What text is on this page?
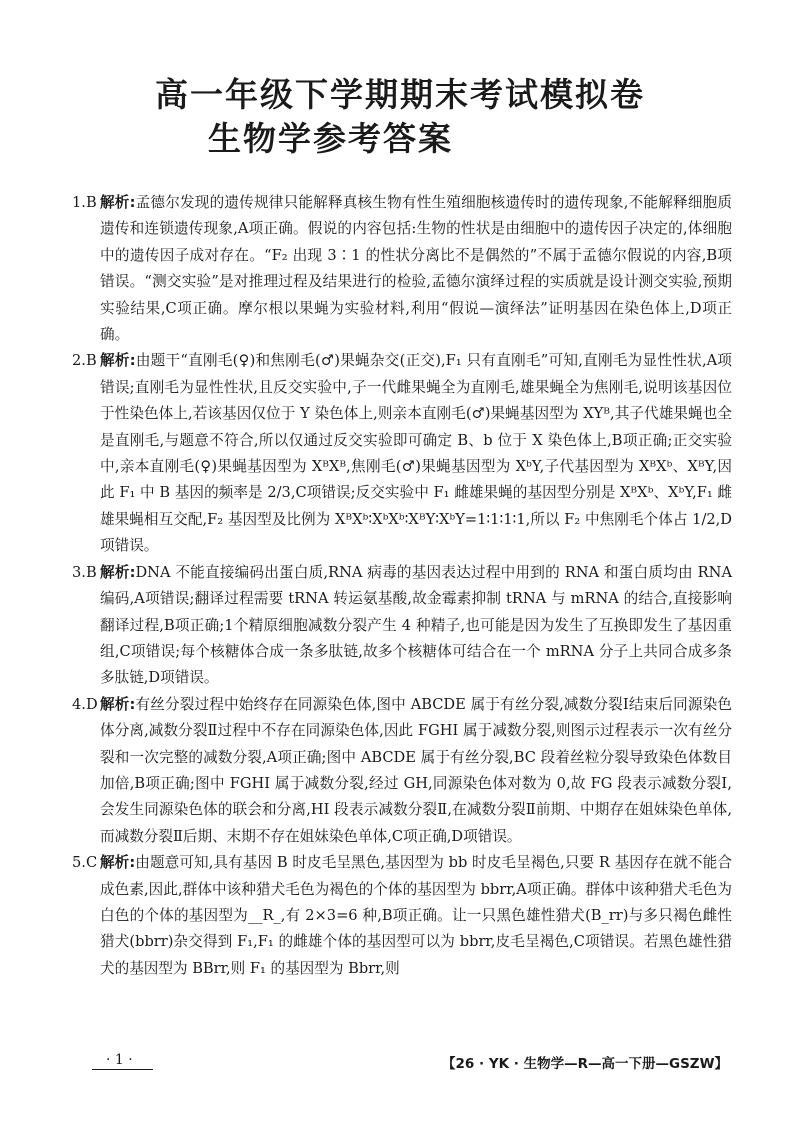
高一年级下学期期末考试模拟卷
生物学参考答案
1.B 解析:孟德尔发现的遗传规律只能解释真核生物有性生殖细胞核遗传时的遗传现象,不能解释细胞质遗传和连锁遗传现象,A项正确。假说的内容包括:生物的性状是由细胞中的遗传因子决定的,体细胞中的遗传因子成对存在。“F₂ 出现 3∶1 的性状分离比不是偶然的”不属于孟德尔假说的内容,B项错误。“测交实验”是对推理过程及结果进行的检验,孟德尔演绎过程的实质就是设计测交实验,预期实验结果,C项正确。摩尔根以果蝇为实验材料,利用“假说—演绎法”证明基因在染色体上,D项正确。
2.B 解析:由题干“直刚毛(♀)和焦刚毛(♂)果蝇杂交(正交),F₁ 只有直刚毛”可知,直刚毛为显性性状,A项错误;直刚毛为显性性状,且反交实验中,子一代雌果蝇全为直刚毛,雄果蝇全为焦刚毛,说明该基因位于性染色体上,若该基因仅位于 Y 染色体上,则亲本直刚毛(♂)果蝇基因型为 XYᴮ,其子代雄果蝇也全是直刚毛,与题意不符合,所以仅通过反交实验即可确定 B、b 位于 X 染色体上,B项正确;正交实验中,亲本直刚毛(♀)果蝇基因型为 XᴮXᴮ,焦刚毛(♂)果蝇基因型为 XᵇY,子代基因型为 XᴮXᵇ、XᴮY,因此 F₁ 中 B 基因的频率是 2/3,C项错误;反交实验中 F₁ 雌雄果蝇的基因型分别是 XᴮXᵇ、XᵇY,F₁ 雌雄果蝇相互交配,F₂ 基因型及比例为 XᴮXᵇ∶XᵇXᵇ∶XᴮY∶XᵇY=1∶1∶1∶1,所以 F₂ 中焦刚毛个体占 1/2,D项错误。
3.B 解析:DNA 不能直接编码出蛋白质,RNA 病毒的基因表达过程中用到的 RNA 和蛋白质均由 RNA 编码,A项错误;翻译过程需要 tRNA 转运氨基酸,故金霉素抑制 tRNA 与 mRNA 的结合,直接影响翻译过程,B项正确;1个精原细胞减数分裂产生 4 种精子,也可能是因为发生了互换即发生了基因重组,C项错误;每个核糖体合成一条多肽链,故多个核糖体可结合在一个 mRNA 分子上共同合成多条多肽链,D项错误。
4.D 解析:有丝分裂过程中始终存在同源染色体,图中 ABCDE 属于有丝分裂,减数分裂Ⅰ结束后同源染色体分离,减数分裂Ⅱ过程中不存在同源染色体,因此 FGHI 属于减数分裂,则图示过程表示一次有丝分裂和一次完整的减数分裂,A项正确;图中 ABCDE 属于有丝分裂,BC 段着丝粒分裂导致染色体数目加倍,B项正确;图中 FGHI 属于减数分裂,经过 GH,同源染色体对数为 0,故 FG 段表示减数分裂Ⅰ,会发生同源染色体的联会和分离,HI 段表示减数分裂Ⅱ,在减数分裂Ⅱ前期、中期存在姐妹染色单体,而减数分裂Ⅱ后期、末期不存在姐妹染色单体,C项正确,D项错误。
5.C 解析:由题意可知,具有基因 B 时皮毛呈黑色,基因型为 bb 时皮毛呈褐色,只要 R 基因存在就不能合成色素,因此,群体中该种猎犬毛色为褐色的个体的基因型为 bbrr,A项正确。群体中该种猎犬毛色为白色的个体的基因型为__R_,有 2×3=6 种,B项正确。让一只黑色雄性猎犬(B_rr)与多只褐色雌性猎犬(bbrr)杂交得到 F₁,F₁ 的雌雄个体的基因型可以为 bbrr,皮毛呈褐色,C项错误。若黑色雄性猎犬的基因型为 BBrr,则 F₁ 的基因型为 Bbrr,则
· 1 ·	【26 · YK · 生物学—R—高一下册—GSZW】
